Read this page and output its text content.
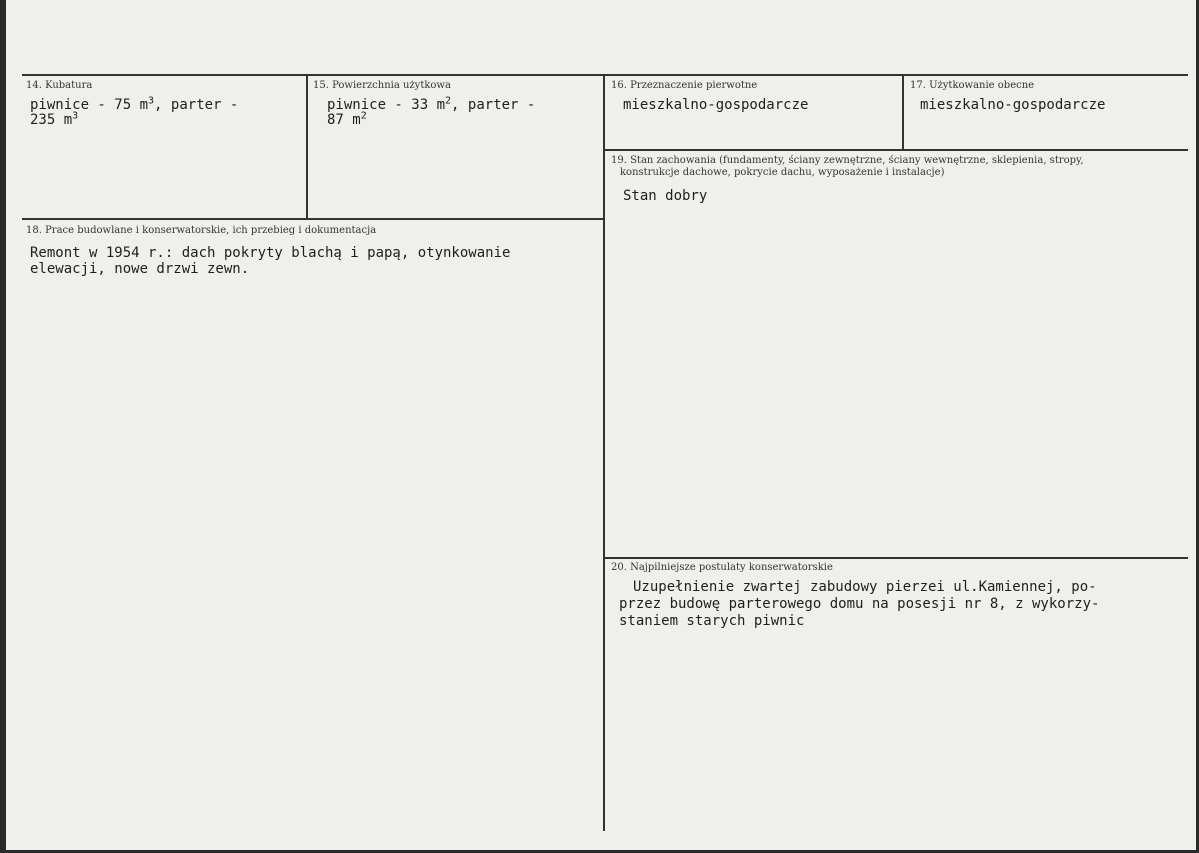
14. Kubatura
piwnice - 75 $m^3$, parter -
235 $m^3$
15. Powierzchnia użytkowa
piwnice - 33 $m^2$, parter -
87 $m^2$
16. Przeznaczenie pierwotne
mieszkalno-gospodarcze
17. Użytkowanie obecne
mieszkalno-gospodarcze
19. Stan zachowania (fundamenty, ściany zewnętrzne, ściany wewnętrzne, sklepienia, stropy,
konstrukcje dachowe, pokrycie dachu, wyposażenie i instalacje)
Stan dobry
18. Prace budowlane i konserwatorskie, ich przebieg i dokumentacja
Remont w 1954 r.: dach pokryty blachą i papą, otynkowanie
elewacji, nowe drzwi zewn.
20. Najpilniejsze postulaty konserwatorskie
Uzupełnienie zwartej zabudowy pierzei ul.Kamiennej, po-
przez budowę parterowego domu na posesji nr 8, z wykorzy-
staniem starych piwnic
